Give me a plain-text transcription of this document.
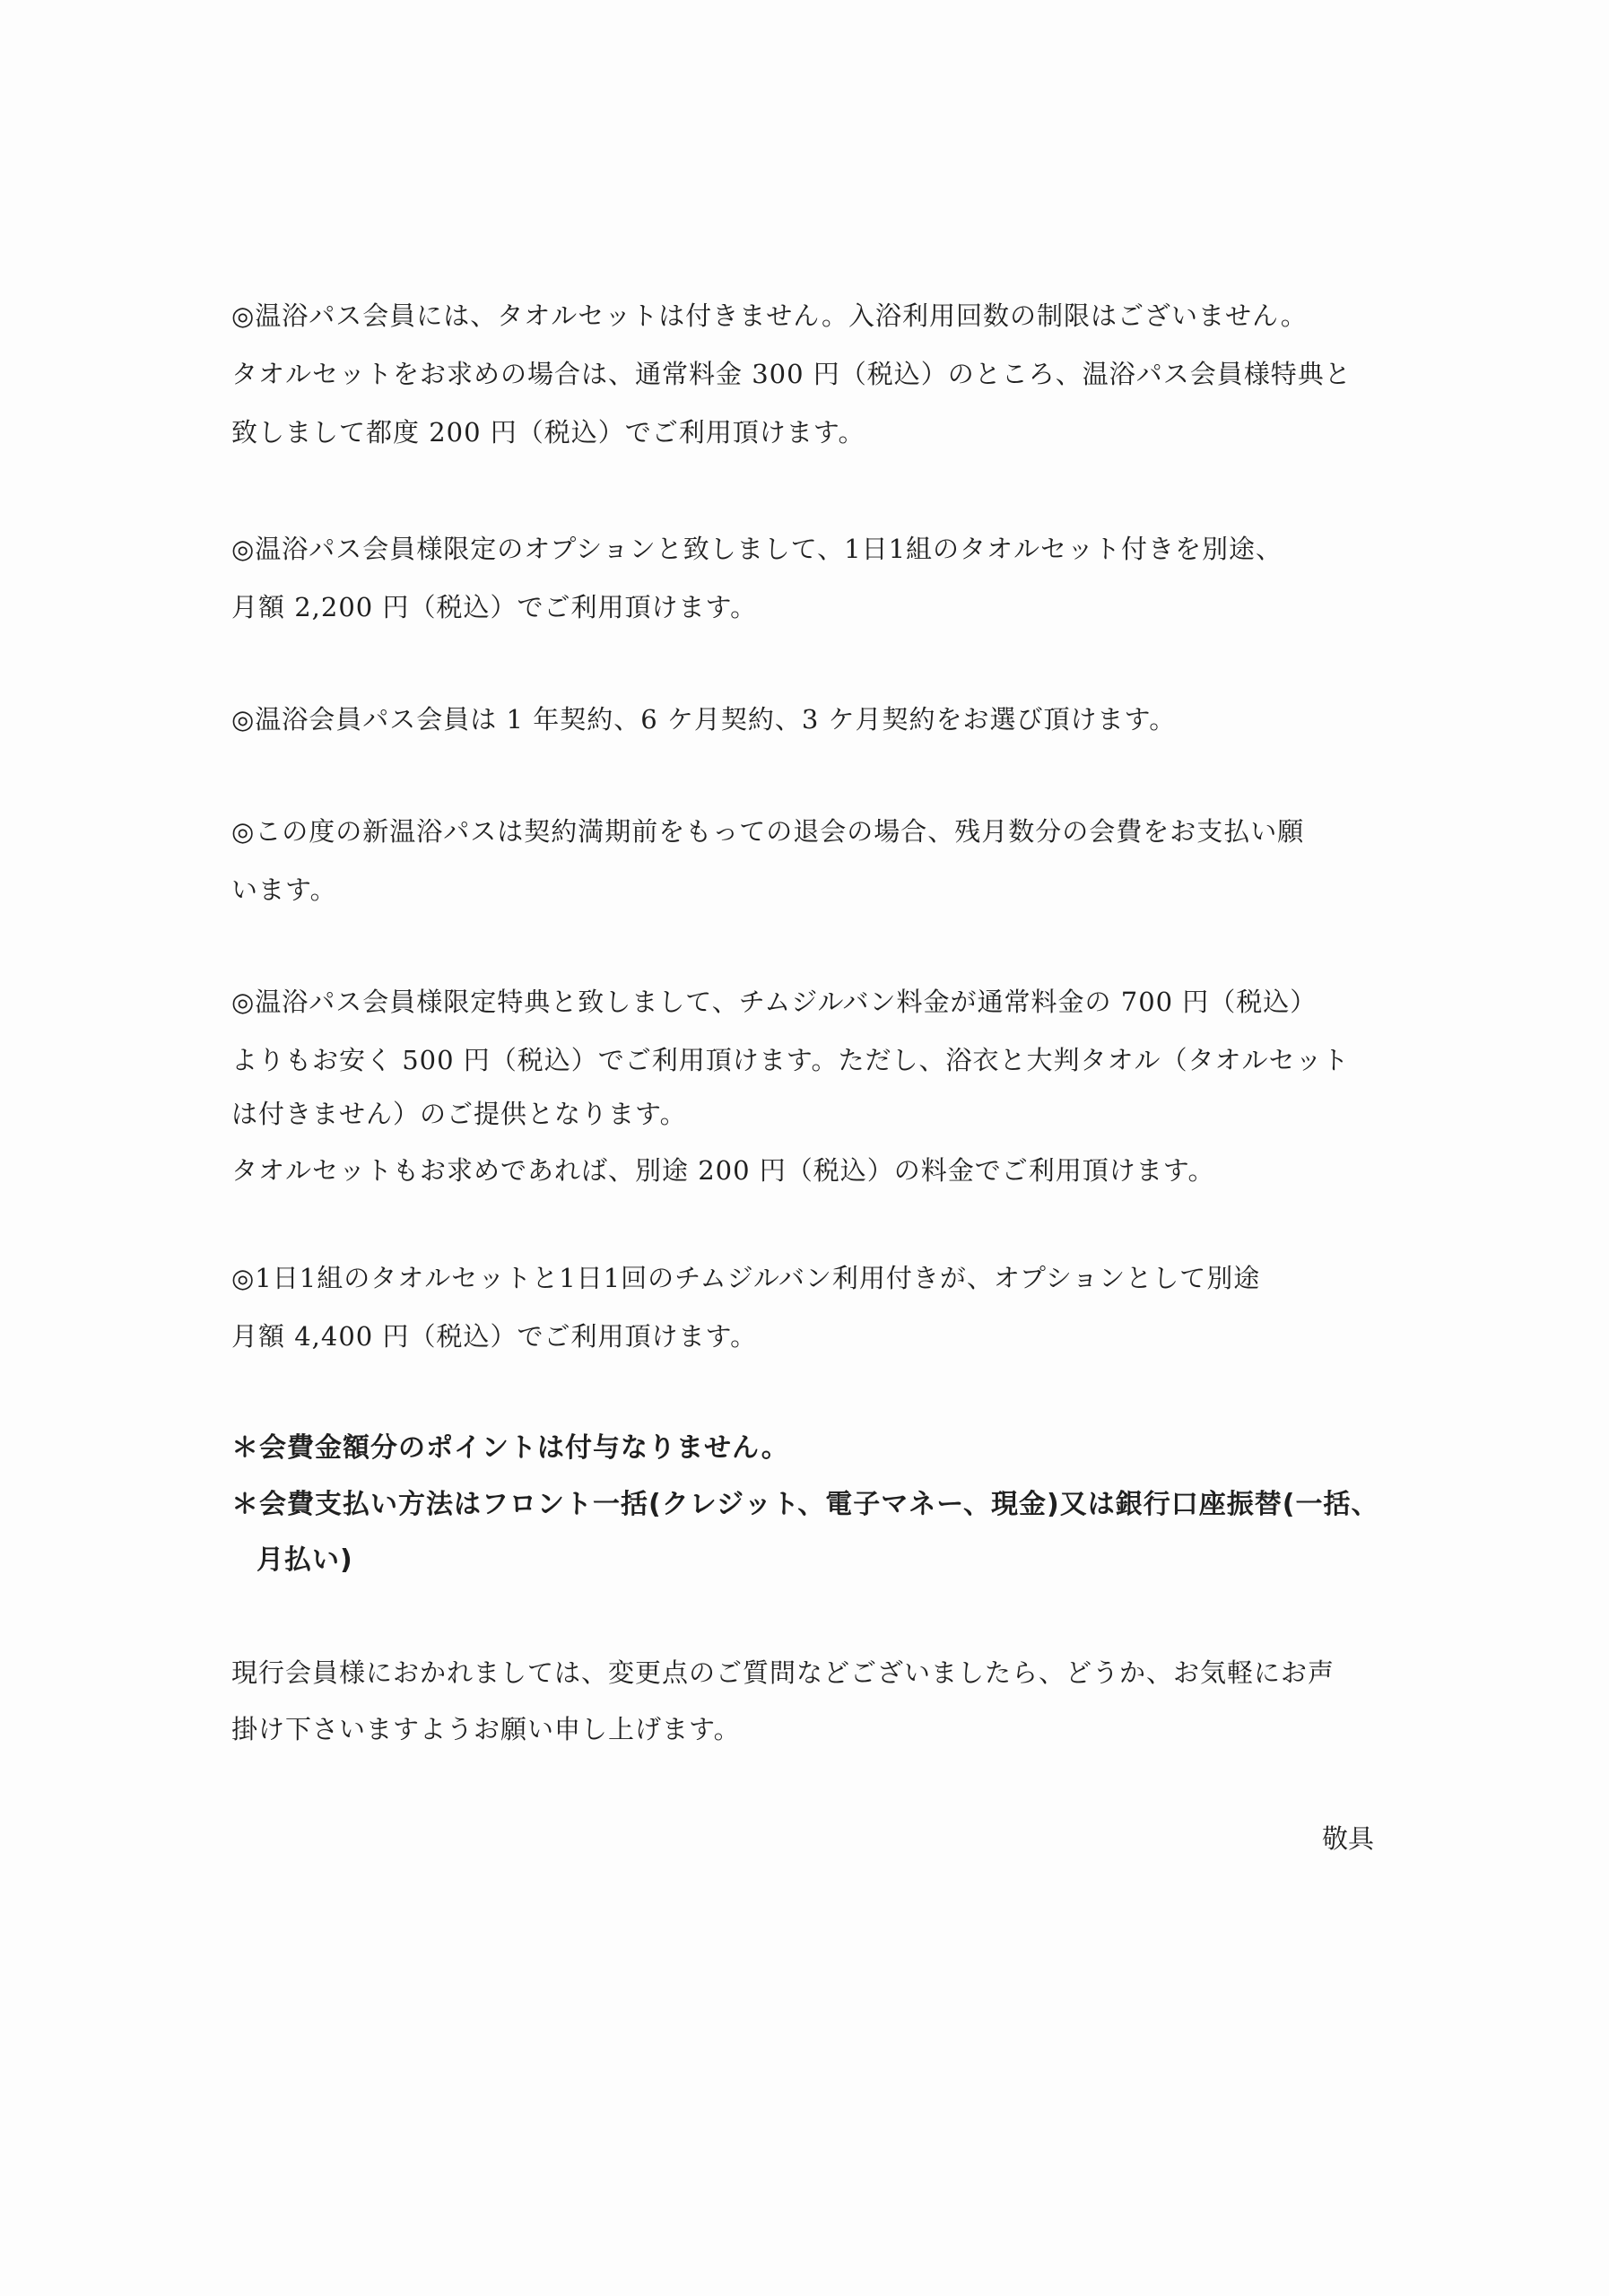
◎温浴パス会員には、タオルセットは付きません。入浴利用回数の制限はございません。
タオルセットをお求めの場合は、通常料金 300 円（税込）のところ、温浴パス会員様特典と
致しまして都度 200 円（税込）でご利用頂けます。
◎温浴パス会員様限定のオプションと致しまして、1日1組のタオルセット付きを別途、
月額 2,200 円（税込）でご利用頂けます。
◎温浴会員パス会員は 1 年契約、6 ケ月契約、3 ケ月契約をお選び頂けます。
◎この度の新温浴パスは契約満期前をもっての退会の場合、残月数分の会費をお支払い願
います。
◎温浴パス会員様限定特典と致しまして、チムジルバン料金が通常料金の 700 円（税込）
よりもお安く 500 円（税込）でご利用頂けます。ただし、浴衣と大判タオル（タオルセット
は付きません）のご提供となります。
タオルセットもお求めであれば、別途 200 円（税込）の料金でご利用頂けます。
◎1日1組のタオルセットと1日1回のチムジルバン利用付きが、オプションとして別途
月額 4,400 円（税込）でご利用頂けます。
＊会費金額分のポイントは付与なりません。
＊会費支払い方法はフロント一括(クレジット、電子マネー、現金)又は銀行口座振替(一括、
月払い)
現行会員様におかれましては、変更点のご質問などございましたら、どうか、お気軽にお声
掛け下さいますようお願い申し上げます。
敬具
